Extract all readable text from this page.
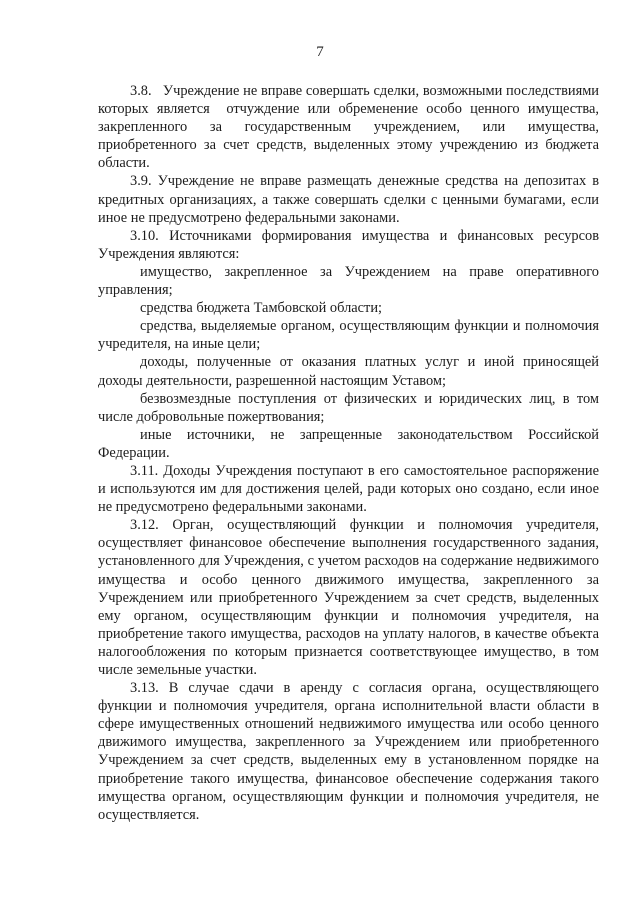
7

3.8.   Учреждение не вправе совершать сделки, возможными последствиями которых является  отчуждение или обременение особо ценного имущества, закрепленного за государственным учреждением, или имущества, приобретенного за счет средств, выделенных этому учреждению из бюджета области.

3.9. Учреждение не вправе размещать денежные средства на депозитах в кредитных организациях, а также совершать сделки с ценными бумагами, если иное не предусмотрено федеральными законами.

3.10. Источниками формирования имущества и финансовых ресурсов Учреждения являются:

имущество, закрепленное за Учреждением на праве оперативного управления;

средства бюджета Тамбовской области;

средства, выделяемые органом, осуществляющим функции и полномочия учредителя, на иные цели;

доходы, полученные от оказания платных услуг и иной приносящей доходы деятельности, разрешенной настоящим Уставом;

безвозмездные поступления от физических и юридических лиц, в том числе добровольные пожертвования;

иные источники, не запрещенные законодательством Российской Федерации.

3.11. Доходы Учреждения поступают в его самостоятельное распоряжение и используются им для достижения целей, ради которых оно создано, если иное не предусмотрено федеральными законами.

3.12. Орган, осуществляющий функции и полномочия учредителя, осуществляет финансовое обеспечение выполнения государственного задания, установленного для Учреждения, с учетом расходов на содержание недвижимого имущества и особо ценного движимого имущества, закрепленного за Учреждением или приобретенного Учреждением за счет средств, выделенных ему органом, осуществляющим функции и полномочия учредителя, на приобретение такого имущества, расходов на уплату налогов, в качестве объекта налогообложения по которым признается соответствующее имущество, в том числе земельные участки.

3.13. В случае сдачи в аренду с согласия органа, осуществляющего функции и полномочия учредителя, органа исполнительной власти области в сфере имущественных отношений недвижимого имущества или особо ценного движимого имущества, закрепленного за Учреждением или приобретенного Учреждением за счет средств, выделенных ему в установленном порядке на приобретение такого имущества, финансовое обеспечение содержания такого имущества органом, осуществляющим функции и полномочия учредителя, не осуществляется.
